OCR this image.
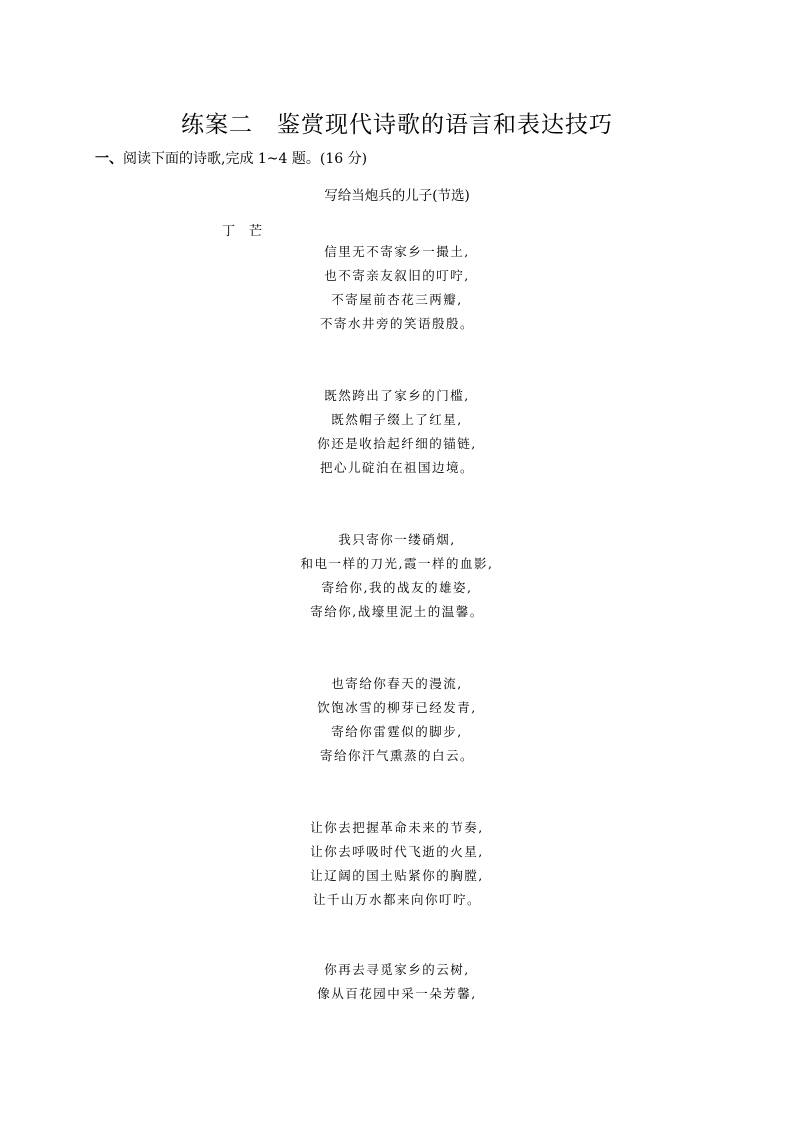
练案二　鉴赏现代诗歌的语言和表达技巧
一、阅读下面的诗歌,完成 1~4 题。(16 分)
写给当炮兵的儿子(节选)
丁芒
信里无不寄家乡一撮土,
也不寄亲友叙旧的叮咛,
不寄屋前杏花三两瓣,
不寄水井旁的笑语殷殷。
既然跨出了家乡的门槛,
既然帽子缀上了红星,
你还是收拾起纤细的锚链,
把心儿碇泊在祖国边境。
我只寄你一缕硝烟,
和电一样的刀光,霞一样的血影,
寄给你,我的战友的雄姿,
寄给你,战壕里泥土的温馨。
也寄给你春天的漫流,
饮饱冰雪的柳芽已经发青,
寄给你雷霆似的脚步,
寄给你汗气熏蒸的白云。
让你去把握革命未来的节奏,
让你去呼吸时代飞逝的火星,
让辽阔的国土贴紧你的胸膛,
让千山万水都来向你叮咛。
你再去寻觅家乡的云树,
像从百花园中采一朵芳馨,
